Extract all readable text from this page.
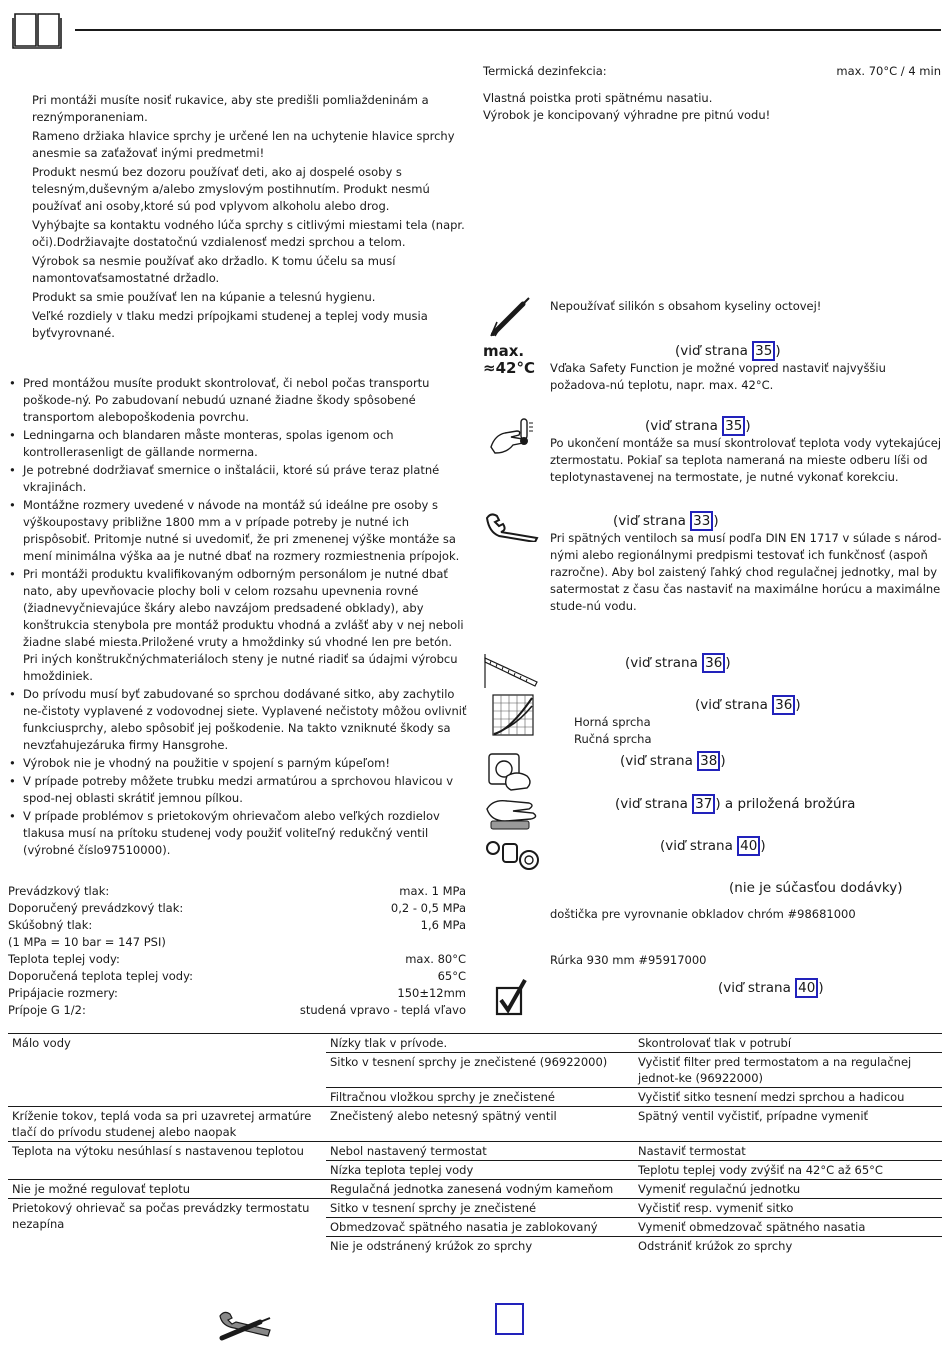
Pri montáži musíte nosiť rukavice, aby ste predišli pomliaždeninám a reznýmporaneniam.

Rameno držiaka hlavice sprchy je určené len na uchytenie hlavice sprchy anesmie sa zaťažovať inými predmetmi!

Produkt nesmú bez dozoru používať deti, ako aj dospelé osoby s telesným,duševným a/alebo zmyslovým postihnutím. Produkt nesmú používať ani osoby,ktoré sú pod vplyvom alkoholu alebo drog.

Vyhýbajte sa kontaktu vodného lúča sprchy s citlivými miestami tela (napr. oči).Dodržiavajte dostatočnú vzdialenosť medzi sprchou a telom.

Výrobok sa nesmie používať ako držadlo. K tomu účelu sa musí namontovaťsamostatné držadlo.

Produkt sa smie používať len na kúpanie a telesnú hygienu.

Veľké rozdiely v tlaku medzi prípojkami studenej a teplej vody musia byťvyrovnané.

• Pred montážou musíte produkt skontrolovať, či nebol počas transportu poškode-ný. Po zabudovaní nebudú uznané žiadne škody spôsobené transportom alebopoškodenia povrchu.
• Ledningarna och blandaren måste monteras, spolas igenom och kontrollerasenligt de gällande normerna.
• Je potrebné dodržiavať smernice o inštalácii, ktoré sú práve teraz platné vkrajinách.
• Montážne rozmery uvedené v návode na montáž sú ideálne pre osoby s výškoupostavy približne 1800 mm a v prípade potreby je nutné ich prispôsobiť. Pritomje nutné si uvedomiť, že pri zmenenej výške montáže sa mení minimálna výška aa je nutné dbať na rozmery rozmiestnenia prípojok.
• Pri montáži produktu kvalifikovaným odborným personálom je nutné dbať nato, aby upevňovacie plochy boli v celom rozsahu upevnenia rovné (žiadnevyčnievajúce škáry alebo navzájom predsadené obklady), aby konštrukcia stenybola pre montáž produktu vhodná a zvlášť aby v nej neboli žiadne slabé miesta.Priložené vruty a hmoždinky sú vhodné len pre betón. Pri iných konštrukčnýchmateriáloch steny je nutné riadiť sa údajmi výrobcu hmoždiniek.
• Do prívodu musí byť zabudované so sprchou dodávané sitko, aby zachytilo ne-čistoty vyplavené z vodovodnej siete. Vyplavené nečistoty môžou ovlivniť funkciusprchy, alebo spôsobiť jej poškodenie. Na takto vzniknuté škody sa nevzťahujezáruka firmy Hansgrohe.
• Výrobok nie je vhodný na použitie v spojení s parným kúpeľom!
• V prípade potreby môžete trubku medzi armatúrou a sprchovou hlavicou v spod-nej oblasti skrátiť jemnou pílkou.
• V prípade problémov s prietokovým ohrievačom alebo veľkých rozdielov tlakusa musí na prítoku studenej vody použiť voliteľný redukčný ventil (výrobné číslo97510000).
Prevádzkový tlak:	max. 1 MPa
Doporučený prevádzkový tlak:	0,2 - 0,5 MPa
Skúšobný tlak:	1,6 MPa
(1 MPa = 10 bar = 147 PSI)
Teplota teplej vody:	max. 80°C
Doporučená teplota teplej vody:	65°C
Pripájacie rozmery:	150±12mm
Prípoje G 1/2:	studená vpravo - teplá vľavo
Termická dezinfekcia:	max. 70°C / 4 min
Vlastná poistka proti spätnému nasatiu.
Výrobok je koncipovaný výhradne pre pitnú vodu!
Nepoužívať silikón s obsahom kyseliny octovej!
max.
≈42°C
(viď strana 35 )
Vďaka Safety Function je možné vopred nastaviť najvyššiu požadova-nú teplotu, napr. max. 42°C.
(viď strana 35 )
Po ukončení montáže sa musí skontrolovať teplota vody vytekajúcej ztermostatu. Pokiaľ sa teplota nameraná na mieste odberu líši od teplotynastavenej na termostate, je nutné vykonať korekciu.
(viď strana 33 )
Pri spätných ventiloch sa musí podľa DIN EN 1717 v súlade s národ-nými alebo regionálnymi predpismi testovať ich funkčnosť (aspoň razročne). Aby bol zaistený ľahký chod regulačnej jednotky, mal by satermostat z času čas nastaviť na maximálne horúcu a maximálne stude-nú vodu.
(viď strana 36 )
(viď strana 36 )
Horná sprcha
Ručná sprcha
(viď strana 38 )
(viď strana 37 ) a priložená brožúra
(viď strana 40 )
(nie je súčasťou dodávky)
doštička pre vyrovnanie obkladov chróm #98681000
Rúrka 930 mm #95917000
(viď strana 40 )
Málo vody	Nízky tlak v prívode.	Skontrolovať tlak v potrubí
	Sitko v tesnení sprchy je znečistené (96922000)	Vyčistiť filter pred termostatom a na regulačnej jednot-ke (96922000)
	Filtračnou vložkou sprchy je znečistené	Vyčistiť sitko tesnení medzi sprchou a hadicou
Kríženie tokov, teplá voda sa pri uzavretej armatúre tlačí do prívodu studenej alebo naopak	Znečistený alebo netesný spätný ventil	Spätný ventil vyčistiť, prípadne vymeniť
Teplota na výtoku nesúhlasí s nastavenou teplotou	Nebol nastavený termostat	Nastaviť termostat
	Nízka teplota teplej vody	Teplotu teplej vody zvýšiť na 42°C až 65°C
Nie je možné regulovať teplotu	Regulačná jednotka zanesená vodným kameňom	Vymeniť regulačnú jednotku
Prietokový ohrievač sa počas prevádzky termostatu nezapína	Sitko v tesnení sprchy je znečistené	Vyčistiť resp. vymeniť sitko
	Obmedzovač spätného nasatia je zablokovaný	Vymeniť obmedzovač spätného nasatia
	Nie je odstránený krúžok zo sprchy	Odstrániť krúžok zo sprchy
